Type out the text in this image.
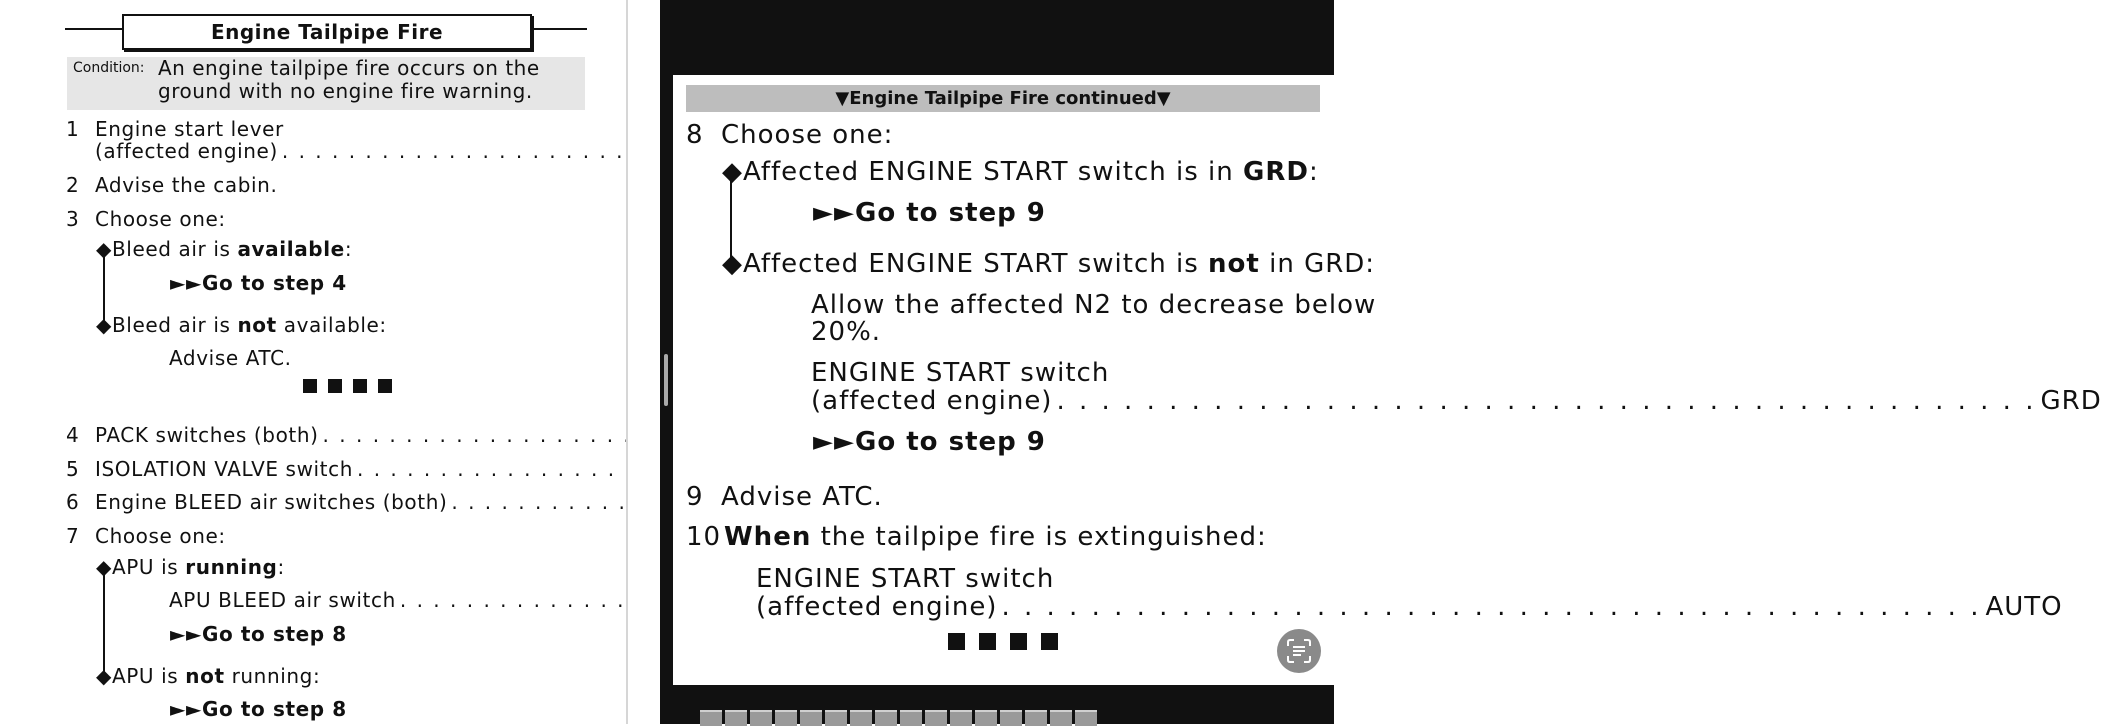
Engine Tailpipe Fire
Condition: An engine tailpipe fire occurs on the ground with no engine fire warning.
1 Engine start lever
(affected engine)
. . .
2 Advise the cabin.
3 Choose one:
◆Bleed air is available:
►►Go to step 4
◆Bleed air is not available:
Advise ATC.
4 PACK switches (both)
. . .
5 ISOLATION VALVE switch
. . .
6 Engine BLEED air switches (both)
. . .
7 Choose one:
◆APU is running:
APU BLEED air switch
. . .
►►Go to step 8
◆APU is not running:
►►Go to step 8
▼Engine Tailpipe Fire continued▼
8 Choose one:
◆Affected ENGINE START switch is in GRD:
►►Go to step 9
◆Affected ENGINE START switch is not in GRD:
Allow the affected N2 to decrease below
20%.
ENGINE START switch
(affected engine) . . .	GRD
►►Go to step 9
9 Advise ATC.
10 When the tailpipe fire is extinguished:
ENGINE START switch
(affected engine) . . .	AUTO
